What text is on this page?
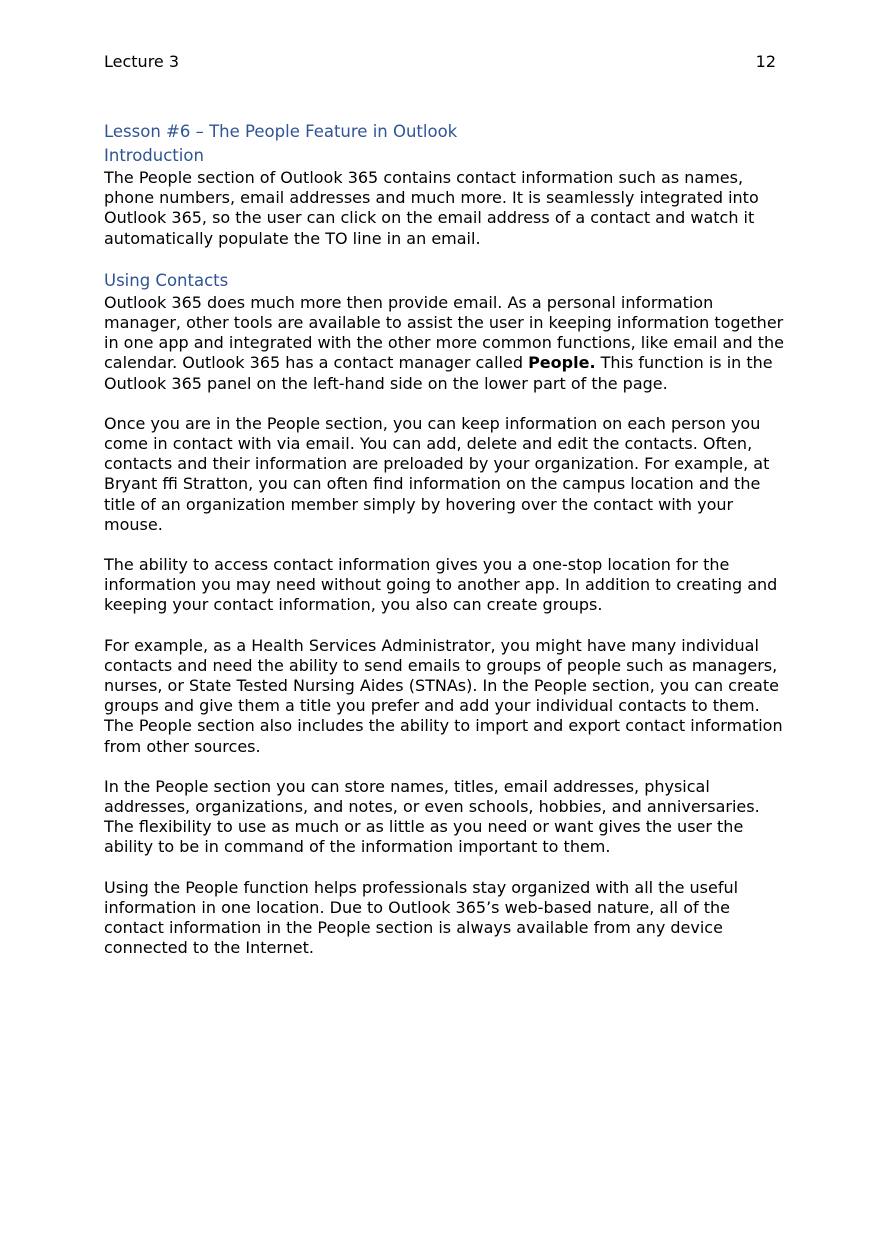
Lecture 3	12
Lesson #6 – The People Feature in Outlook
Introduction

The People section of Outlook 365 contains contact information such as names, phone numbers, email addresses and much more. It is seamlessly integrated into Outlook 365, so the user can click on the email address of a contact and watch it automatically populate the TO line in an email.

Using Contacts

Outlook 365 does much more then provide email. As a personal information manager, other tools are available to assist the user in keeping information together in one app and integrated with the other more common functions, like email and the calendar. Outlook 365 has a contact manager called People. This function is in the Outlook 365 panel on the left-hand side on the lower part of the page.

Once you are in the People section, you can keep information on each person you come in contact with via email. You can add, delete and edit the contacts. Often, contacts and their information are preloaded by your organization. For example, at Bryant ﬃ Stratton, you can often find information on the campus location and the title of an organization member simply by hovering over the contact with your mouse.

The ability to access contact information gives you a one-stop location for the information you may need without going to another app. In addition to creating and keeping your contact information, you also can create groups.

For example, as a Health Services Administrator, you might have many individual contacts and need the ability to send emails to groups of people such as managers, nurses, or State Tested Nursing Aides (STNAs). In the People section, you can create groups and give them a title you prefer and add your individual contacts to them. The People section also includes the ability to import and export contact information from other sources.

In the People section you can store names, titles, email addresses, physical addresses, organizations, and notes, or even schools, hobbies, and anniversaries. The flexibility to use as much or as little as you need or want gives the user the ability to be in command of the information important to them.

Using the People function helps professionals stay organized with all the useful information in one location. Due to Outlook 365’s web-based nature, all of the contact information in the People section is always available from any device connected to the Internet.
